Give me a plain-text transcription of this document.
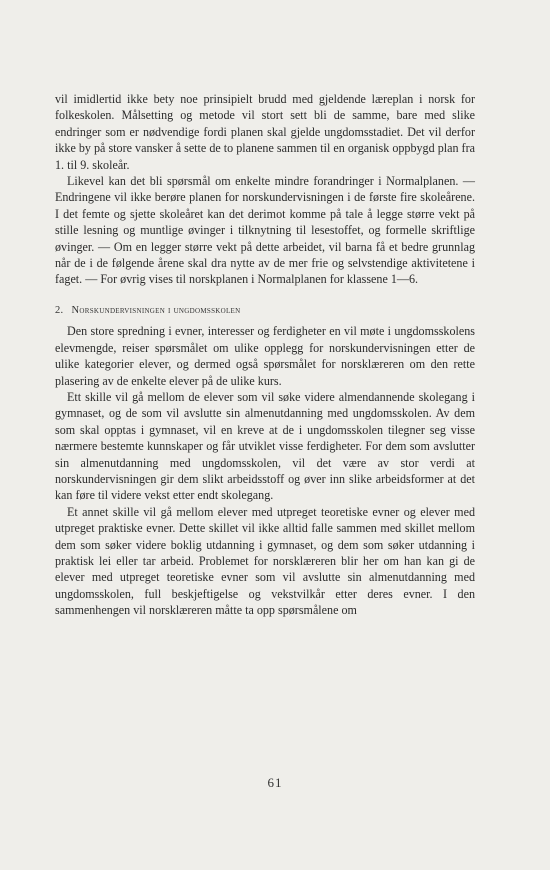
vil imidlertid ikke bety noe prinsipielt brudd med gjeldende læreplan i norsk for folkeskolen. Målsetting og metode vil stort sett bli de samme, bare med slike endringer som er nødvendige fordi planen skal gjelde ungdomsstadiet. Det vil derfor ikke by på store vansker å sette de to planene sammen til en organisk oppbygd plan fra 1. til 9. skoleår.

Likevel kan det bli spørsmål om enkelte mindre forandringer i Normalplanen. — Endringene vil ikke berøre planen for norskundervisningen i de første fire skoleårene. I det femte og sjette skoleåret kan det derimot komme på tale å legge større vekt på stille lesning og muntlige øvinger i tilknytning til lesestoffet, og formelle skriftlige øvinger. — Om en legger større vekt på dette arbeidet, vil barna få et bedre grunnlag når de i de følgende årene skal dra nytte av de mer frie og selvstendige aktivitetene i faget. — For øvrig vises til norskplanen i Normalplanen for klassene 1—6.

2. Norskundervisningen i ungdomsskolen

Den store spredning i evner, interesser og ferdigheter en vil møte i ungdomsskolens elevmengde, reiser spørsmålet om ulike opplegg for norskundervisningen etter de ulike kategorier elever, og dermed også spørsmålet for norsklæreren om den rette plasering av de enkelte elever på de ulike kurs.

Ett skille vil gå mellom de elever som vil søke videre almendannende skolegang i gymnaset, og de som vil avslutte sin almenutdanning med ungdomsskolen. Av dem som skal opptas i gymnaset, vil en kreve at de i ungdomsskolen tilegner seg visse nærmere bestemte kunnskaper og får utviklet visse ferdigheter. For dem som avslutter sin almenutdanning med ungdomsskolen, vil det være av stor verdi at norskundervisningen gir dem slikt arbeidsstoff og øver inn slike arbeidsformer at det kan føre til videre vekst etter endt skolegang.

Et annet skille vil gå mellom elever med utpreget teoretiske evner og elever med utpreget praktiske evner. Dette skillet vil ikke alltid falle sammen med skillet mellom dem som søker videre boklig utdanning i gymnaset, og dem som søker utdanning i praktisk lei eller tar arbeid. Problemet for norsklæreren blir her om han kan gi de elever med utpreget teoretiske evner som vil avslutte sin almenutdanning med ungdomsskolen, full beskjeftigelse og vekstvilkår etter deres evner. I den sammenhengen vil norsklæreren måtte ta opp spørsmålene om

61
